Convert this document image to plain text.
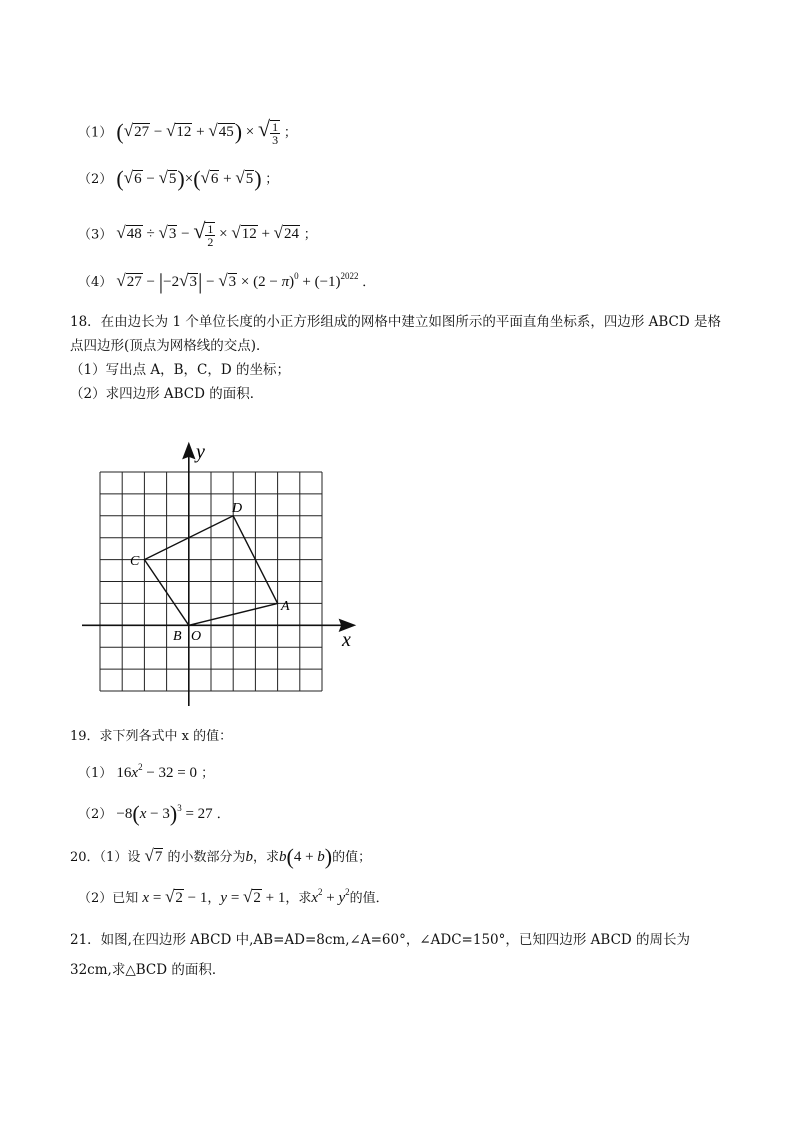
（1） (√27 − √12 + √45) × √ $\frac{1}{3}$ ；
（2） (√6 − √5)×(√6 + √5) ；
（3） √48 ÷ √3 − √ $\frac{1}{2} \times √12 + √24$ ；
（4） $√27 - |-2√3| - √3 \times (2 - \pi)^0 + (-1)^{2022}$ ．
18．在由边长为 1 个单位长度的小正方形组成的网格中建立如图所示的平面直角坐标系，四边形 ABCD 是格
点四边形(顶点为网格线的交点)．
（1）写出点 A，B，C，D 的坐标；
（2）求四边形 ABCD 的面积．
x
y
A
B O
C
D
19．求下列各式中 x 的值：
（1） $16x^2 - 32 = 0$ ；
$(2) -8(x - 3)^3 = 27$ ．
20．（1）设 √7 的小数部分为b，求b(4 + b)的值；
（2）已知 x = √2 − 1，y = √2 + 1，求$x^2 + y^2$的值．
21．如图,在四边形 ABCD 中,AB=AD=8cm,∠A=60°，∠ADC=150°，已知四边形 ABCD 的周长为 32cm,求△BCD 的面积．
